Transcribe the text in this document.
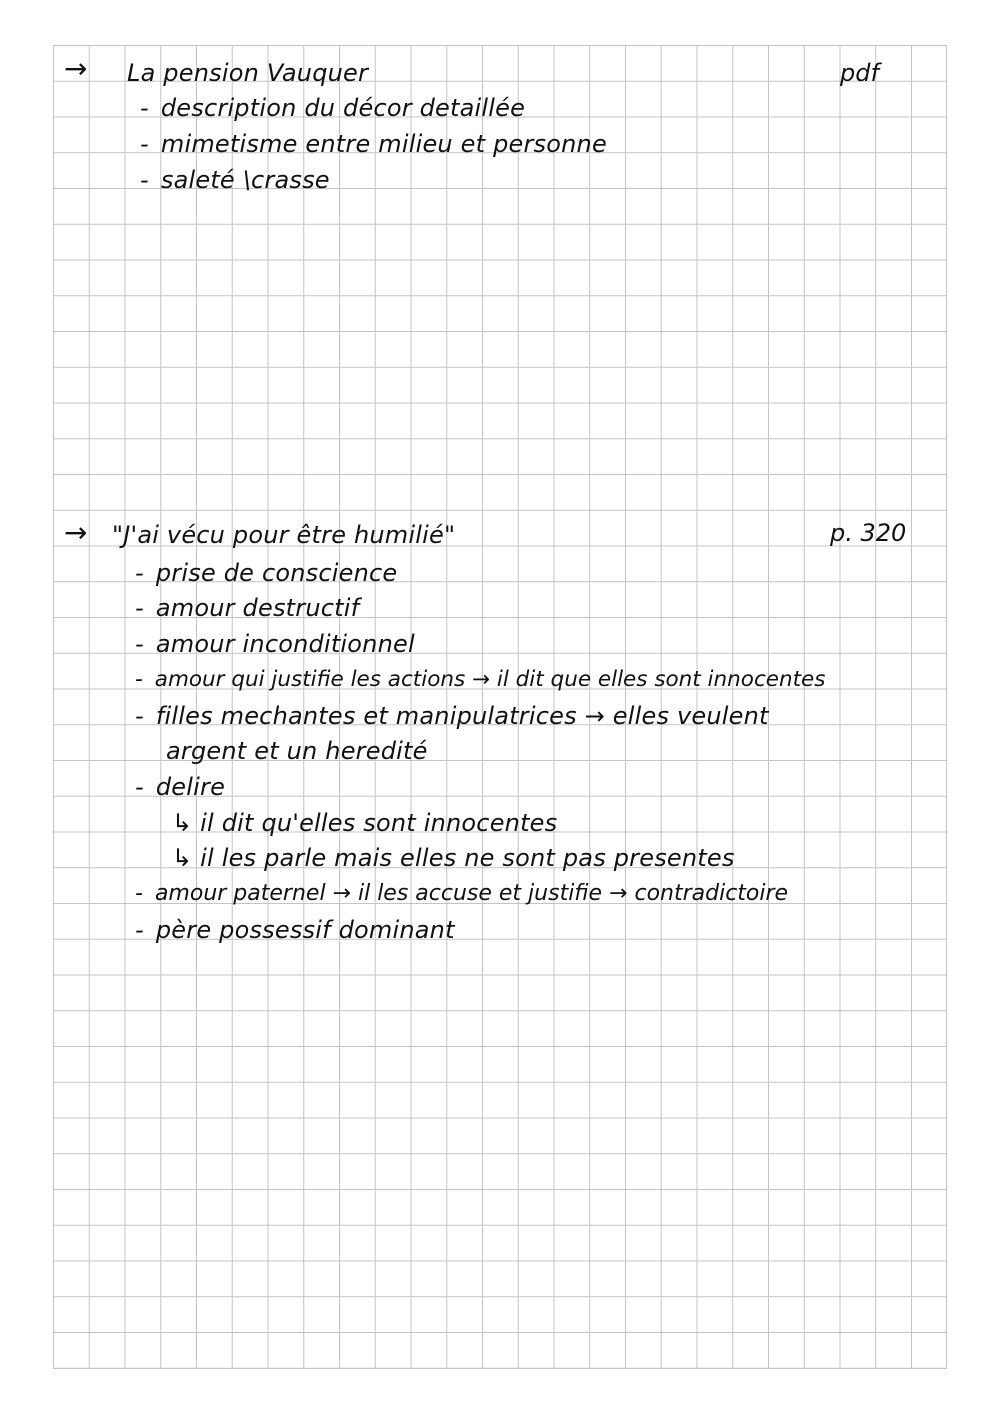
→ La pension Vauquer	pdf
- description du décor detaillée
- mimetisme entre milieu et personne
- saleté \crasse
→ "J'ai vécu pour être humilié"	p. 320
- prise de conscience
- amour destructif
- amour inconditionnel
- amour qui justifie les actions → il dit que elles sont innocentes
- filles mechantes et manipulatrices → elles veulent
argent et un heredité
- delire
↳ il dit qu'elles sont innocentes
↳ il les parle mais elles ne sont pas presentes
- amour paternel → il les accuse et justifie → contradictoire
- père possessif dominant
